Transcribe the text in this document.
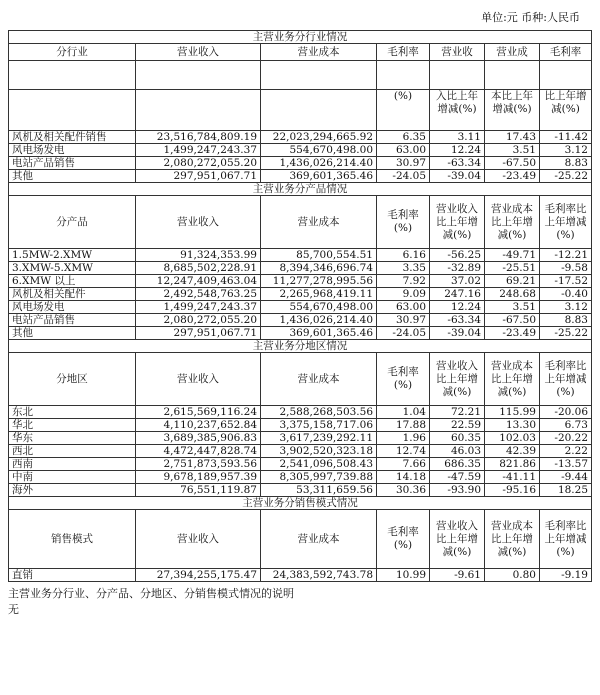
单位:元 币种:人民币
主营业务分行业情况						
分行业	营业收入	营业成本	毛利率	营业收	营业成	毛利率

			(%)	入比上年增减(%)	本比上年增减(%)	比上年增减(%)
风机及相关配件销售	23,516,784,809.19	22,023,294,665.92	6.35	3.11	17.43	-11.42
风电场发电	1,499,247,243.37	554,670,498.00	63.00	12.24	3.51	3.12
电站产品销售	2,080,272,055.20	1,436,026,214.40	30.97	-63.34	-67.50	8.83
其他	297,951,067.71	369,601,365.46	-24.05	-39.04	-23.49	-25.22
主营业务分产品情况						
分产品	营业收入	营业成本	毛利率(%)	营业收入比上年增减(%)	营业成本比上年增减(%)	毛利率比上年增减(%)
1.5MW-2.XMW	91,324,353.99	85,700,554.51	6.16	-56.25	-49.71	-12.21
3.XMW-5.XMW	8,685,502,228.91	8,394,346,696.74	3.35	-32.89	-25.51	-9.58
6.XMW 以上	12,247,409,463.04	11,277,278,995.56	7.92	37.02	69.21	-17.52
风机及相关配件	2,492,548,763.25	2,265,968,419.11	9.09	247.16	248.68	-0.40
风电场发电	1,499,247,243.37	554,670,498.00	63.00	12.24	3.51	3.12
电站产品销售	2,080,272,055.20	1,436,026,214.40	30.97	-63.34	-67.50	8.83
其他	297,951,067.71	369,601,365.46	-24.05	-39.04	-23.49	-25.22
主营业务分地区情况						
分地区	营业收入	营业成本	毛利率(%)	营业收入比上年增减(%)	营业成本比上年增减(%)	毛利率比上年增减(%)
东北	2,615,569,116.24	2,588,268,503.56	1.04	72.21	115.99	-20.06
华北	4,110,237,652.84	3,375,158,717.06	17.88	22.59	13.30	6.73
华东	3,689,385,906.83	3,617,239,292.11	1.96	60.35	102.03	-20.22
西北	4,472,447,828.74	3,902,520,323.18	12.74	46.03	42.39	2.22
西南	2,751,873,593.56	2,541,096,508.43	7.66	686.35	821.86	-13.57
中南	9,678,189,957.39	8,305,997,739.88	14.18	-47.59	-41.11	-9.44
海外	76,551,119.87	53,311,659.56	30.36	-93.90	-95.16	18.25
主营业务分销售模式情况						
销售模式	营业收入	营业成本	毛利率(%)	营业收入比上年增减(%)	营业成本比上年增减(%)	毛利率比上年增减(%)
直销	27,394,255,175.47	24,383,592,743.78	10.99	-9.61	0.80	-9.19
主营业务分行业、分产品、分地区、分销售模式情况的说明
无
